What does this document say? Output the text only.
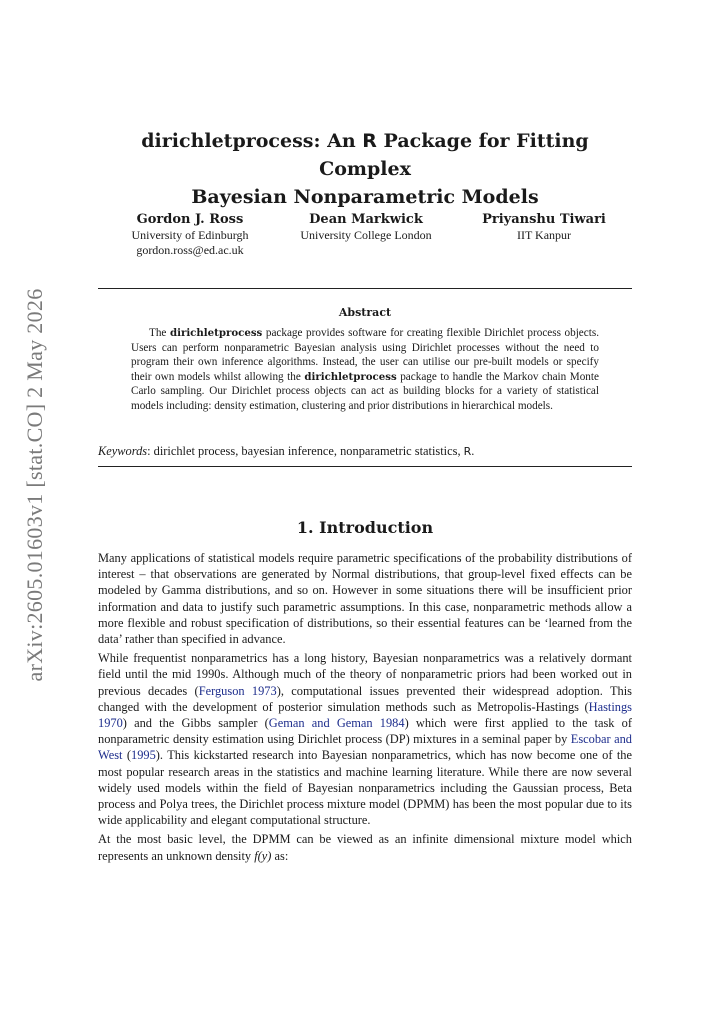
arXiv:2605.01603v1 [stat.CO] 2 May 2026
dirichletprocess: An R Package for Fitting Complex
Bayesian Nonparametric Models
Gordon J. Ross
University of Edinburgh
gordon.ross@ed.ac.uk
Dean Markwick
University College London
Priyanshu Tiwari
IIT Kanpur
Abstract
The dirichletprocess package provides software for creating flexible Dirichlet process objects. Users can perform nonparametric Bayesian analysis using Dirichlet processes without the need to program their own inference algorithms. Instead, the user can utilise our pre-built models or specify their own models whilst allowing the dirichletprocess package to handle the Markov chain Monte Carlo sampling. Our Dirichlet process objects can act as building blocks for a variety of statistical models including: density estimation, clustering and prior distributions in hierarchical models.
Keywords: dirichlet process, bayesian inference, nonparametric statistics, R.
1. Introduction

Many applications of statistical models require parametric specifications of the probability distributions of interest – that observations are generated by Normal distributions, that group-level fixed effects can be modeled by Gamma distributions, and so on. However in some situations there will be insufficient prior information and data to justify such parametric assumptions. In this case, nonparametric methods allow a more flexible and robust specification of distributions, so their essential features can be ‘learned from the data’ rather than specified in advance.

While frequentist nonparametrics has a long history, Bayesian nonparametrics was a relatively dormant field until the mid 1990s. Although much of the theory of nonparametric priors had been worked out in previous decades (Ferguson 1973), computational issues prevented their widespread adoption. This changed with the development of posterior simulation methods such as Metropolis-Hastings (Hastings 1970) and the Gibbs sampler (Geman and Geman 1984) which were first applied to the task of nonparametric density estimation using Dirichlet process (DP) mixtures in a seminal paper by Escobar and West (1995). This kickstarted research into Bayesian nonparametrics, which has now become one of the most popular research areas in the statistics and machine learning literature. While there are now several widely used models within the field of Bayesian nonparametrics including the Gaussian process, Beta process and Polya trees, the Dirichlet process mixture model (DPMM) has been the most popular due to its wide applicability and elegant computational structure.

At the most basic level, the DPMM can be viewed as an infinite dimensional mixture model which represents an unknown density f(y) as:
